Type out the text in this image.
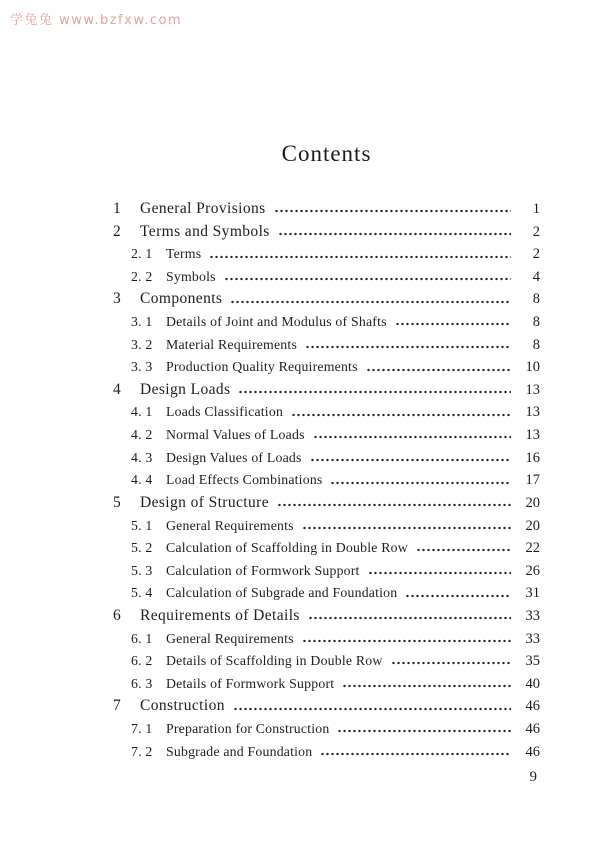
学兔兔 www.bzfxw.com
Contents
1	General Provisions	1
2	Terms and Symbols	2
2. 1 Terms	2
2. 2 Symbols	4
3	Components	8
3. 1 Details of Joint and Modulus of Shafts	8
3. 2 Material Requirements	8
3. 3 Production Quality Requirements	10
4	Design Loads	13
4. 1 Loads Classification	13
4. 2 Normal Values of Loads	13
4. 3 Design Values of Loads	16
4. 4 Load Effects Combinations	17
5	Design of Structure	20
5. 1 General Requirements	20
5. 2 Calculation of Scaffolding in Double Row	22
5. 3 Calculation of Formwork Support	26
5. 4 Calculation of Subgrade and Foundation	31
6	Requirements of Details	33
6. 1 General Requirements	33
6. 2 Details of Scaffolding in Double Row	35
6. 3 Details of Formwork Support	40
7	Construction	46
7. 1 Preparation for Construction	46
7. 2 Subgrade and Foundation	46
9
